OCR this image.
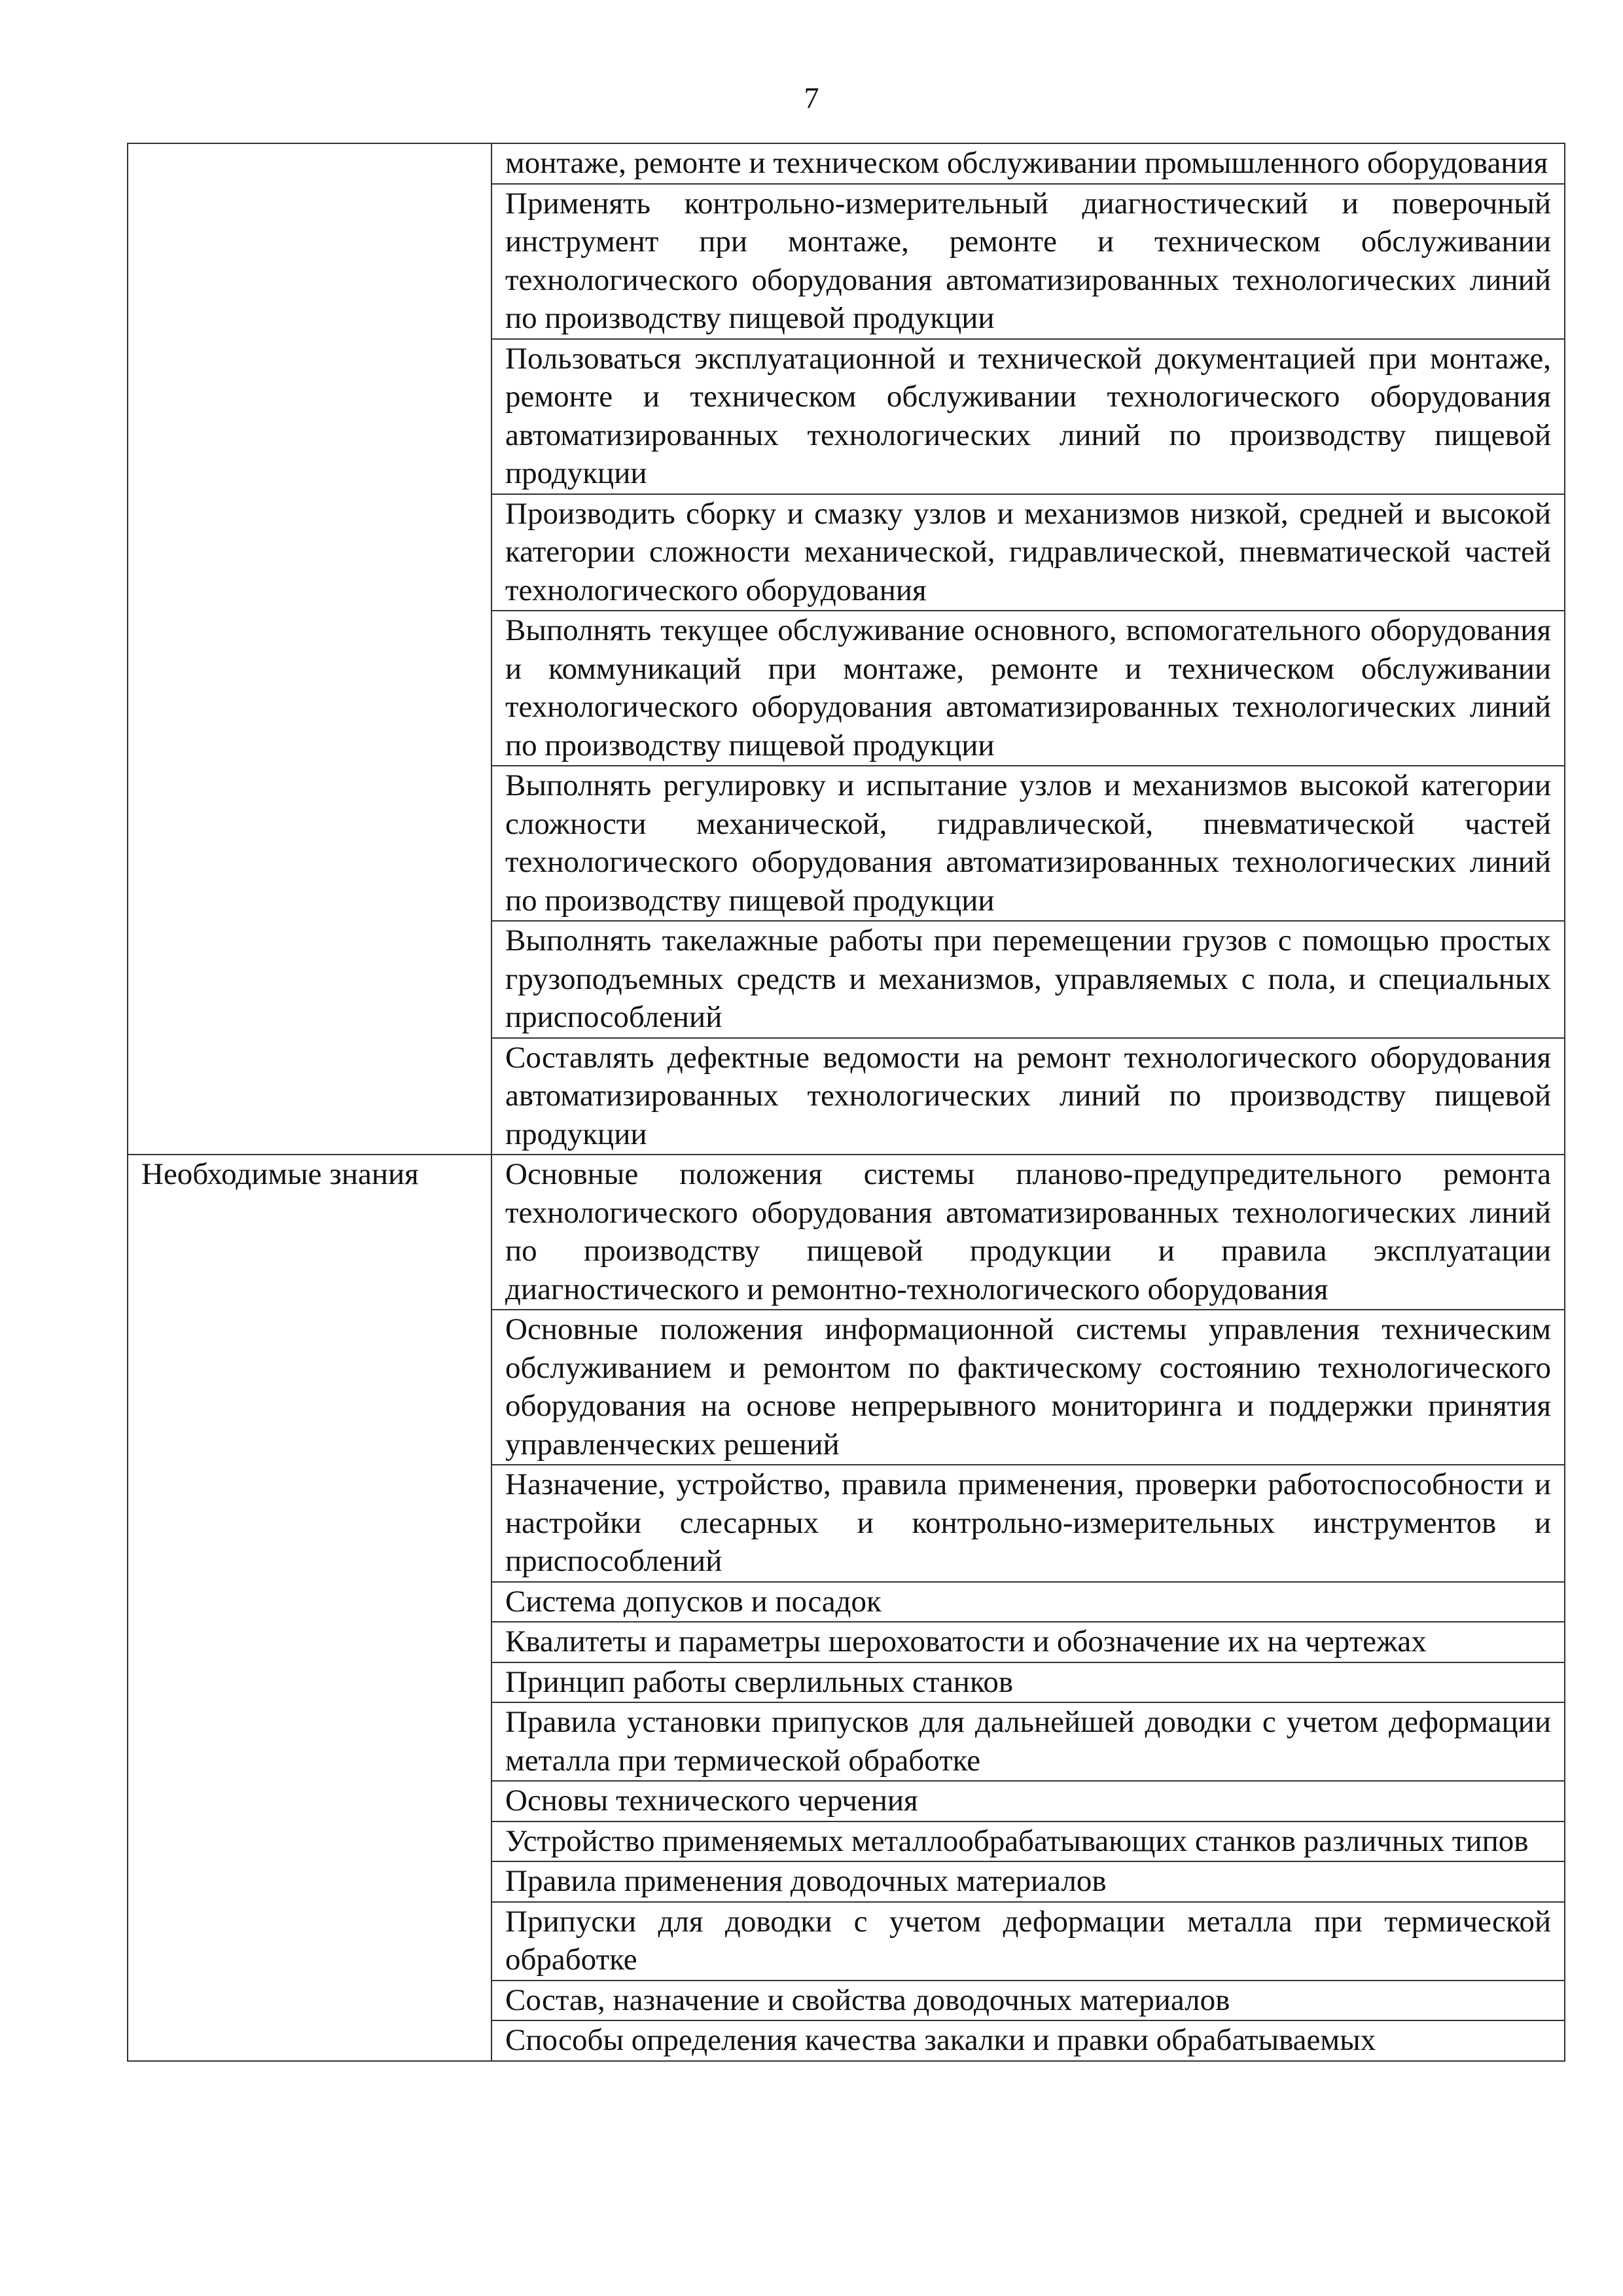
7
	монтаже, ремонте и техническом обслуживании промышленного оборудования
	Применять контрольно-измерительный диагностический и поверочный инструмент при монтаже, ремонте и техническом обслуживании технологического оборудования автоматизированных технологических линий по производству пищевой продукции
	Пользоваться эксплуатационной и технической документацией при монтаже, ремонте и техническом обслуживании технологического оборудования автоматизированных технологических линий по производству пищевой продукции
	Производить сборку и смазку узлов и механизмов низкой, средней и высокой категории сложности механической, гидравлической, пневматической частей технологического оборудования
	Выполнять текущее обслуживание основного, вспомогательного оборудования и коммуникаций при монтаже, ремонте и техническом обслуживании технологического оборудования автоматизированных технологических линий по производству пищевой продукции
	Выполнять регулировку и испытание узлов и механизмов высокой категории сложности механической, гидравлической, пневматической частей технологического оборудования автоматизированных технологических линий по производству пищевой продукции
	Выполнять такелажные работы при перемещении грузов с помощью простых грузоподъемных средств и механизмов, управляемых с пола, и специальных приспособлений
	Составлять дефектные ведомости на ремонт технологического оборудования автоматизированных технологических линий по производству пищевой продукции
Необходимые знания	Основные положения системы планово-предупредительного ремонта технологического оборудования автоматизированных технологических линий по производству пищевой продукции и правила эксплуатации диагностического и ремонтно-технологического оборудования
	Основные положения информационной системы управления техническим обслуживанием и ремонтом по фактическому состоянию технологического оборудования на основе непрерывного мониторинга и поддержки принятия управленческих решений
	Назначение, устройство, правила применения, проверки работоспособности и настройки слесарных и контрольно-измерительных инструментов и приспособлений
	Система допусков и посадок
	Квалитеты и параметры шероховатости и обозначение их на чертежах
	Принцип работы сверлильных станков
	Правила установки припусков для дальнейшей доводки с учетом деформации металла при термической обработке
	Основы технического черчения
	Устройство применяемых металлообрабатывающих станков различных типов
	Правила применения доводочных материалов
	Припуски для доводки с учетом деформации металла при термической обработке
	Состав, назначение и свойства доводочных материалов
	Способы определения качества закалки и правки обрабатываемых
